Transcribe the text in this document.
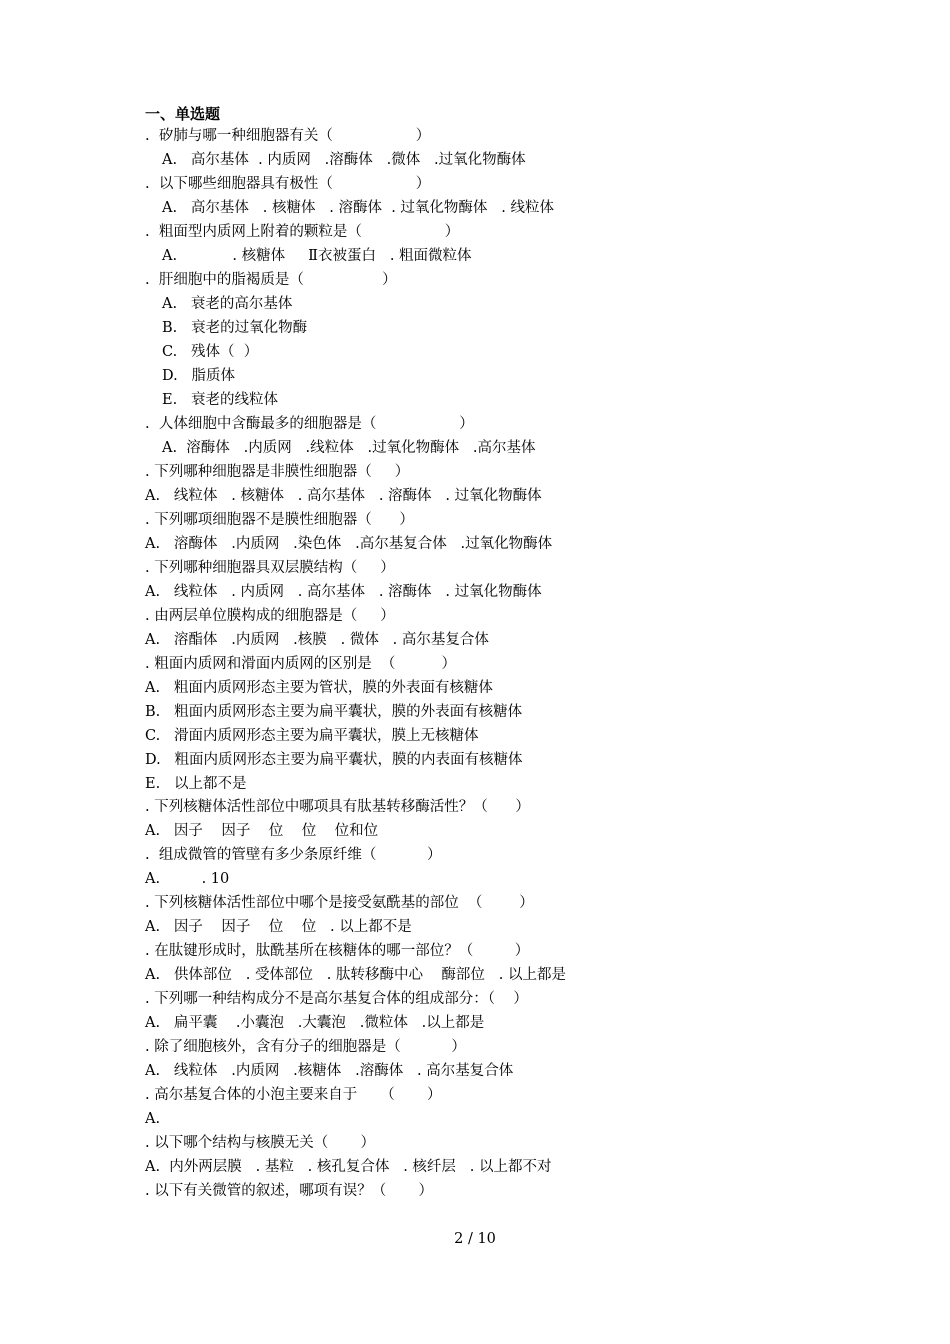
一、单选题
.  矽肺与哪一种细胞器有关（                  ）
A.   高尔基体  . 内质网   .溶酶体   .微体   .过氧化物酶体
.  以下哪些细胞器具有极性（                  ）
A.   高尔基体   . 核糖体   . 溶酶体  . 过氧化物酶体   . 线粒体
.  粗面型内质网上附着的颗粒是（                  ）
A.            . 核糖体     Ⅱ衣被蛋白   . 粗面微粒体
.  肝细胞中的脂褐质是（                 ）
A.   衰老的高尔基体
B.   衰老的过氧化物酶
C.   残体（  ）
D.   脂质体
E.   衰老的线粒体
.  人体细胞中含酶最多的细胞器是（                  ）
A.  溶酶体   .内质网   .线粒体   .过氧化物酶体   .高尔基体
. 下列哪种细胞器是非膜性细胞器（     ）
A.   线粒体   . 核糖体   . 高尔基体   . 溶酶体   . 过氧化物酶体
. 下列哪项细胞器不是膜性细胞器（      ）
A.   溶酶体   .内质网   .染色体   .高尔基复合体   .过氧化物酶体
. 下列哪种细胞器具双层膜结构（     ）
A.   线粒体   . 内质网   . 高尔基体   . 溶酶体   . 过氧化物酶体
. 由两层单位膜构成的细胞器是（     ）
A.   溶酯体   .内质网   .核膜   . 微体   . 高尔基复合体
. 粗面内质网和滑面内质网的区别是  （          ）
A.   粗面内质网形态主要为管状，膜的外表面有核糖体
B.   粗面内质网形态主要为扁平囊状，膜的外表面有核糖体
C.   滑面内质网形态主要为扁平囊状，膜上无核糖体
D.   粗面内质网形态主要为扁平囊状，膜的内表面有核糖体
E.   以上都不是
. 下列核糖体活性部位中哪项具有肽基转移酶活性？（      ）
A.   因子    因子    位    位    位和位
.  组成微管的管壁有多少条原纤维（           ）
A.         . 10
. 下列核糖体活性部位中哪个是接受氨酰基的部位  （        ）
A.   因子    因子    位    位   . 以上都不是
. 在肽键形成时，肽酰基所在核糖体的哪一部位？（         ）
A.   供体部位   . 受体部位   . 肽转移酶中心    酶部位   . 以上都是
. 下列哪一种结构成分不是高尔基复合体的组成部分：（    ）
A.   扁平囊    .小囊泡   .大囊泡   .微粒体   .以上都是
. 除了细胞核外，含有分子的细胞器是（           ）
A.   线粒体   .内质网   .核糖体   .溶酶体   . 高尔基复合体
. 高尔基复合体的小泡主要来自于     （       ）
A.
. 以下哪个结构与核膜无关（       ）
A.  内外两层膜   . 基粒   . 核孔复合体   . 核纤层   . 以上都不对
. 以下有关微管的叙述，哪项有误？（       ）
2 / 10
